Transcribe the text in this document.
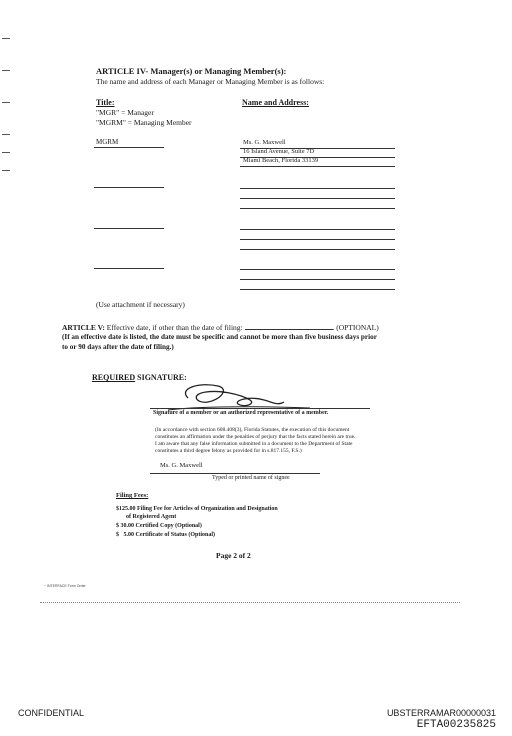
ARTICLE IV- Manager(s) or Managing Member(s):
The name and address of each Manager or Managing Member is as follows:
Title:
"MGR" = Manager
"MGRM" = Managing Member
Name and Address:
MGRM	Ms. G. Maxwell
16 Island Avenue, Suite 7D
Miami Beach, Florida 33139
(Use attachment if necessary)
ARTICLE V: Effective date, if other than the date of filing:	. (OPTIONAL)
(If an effective date is listed, the date must be specific and cannot be more than five business days prior
to or 90 days after the date of filing.)
REQUIRED SIGNATURE:
Signature of a member or an authorized representative of a member.
(In accordance with section 608.408(3), Florida Statutes, the execution of this document
constitutes an affirmation under the penalties of perjury that the facts stated herein are true.
I am aware that any false information submitted in a document to the Department of State
constitutes a third degree felony as provided for in s.817.155, F.S.)
Ms. G. Maxwell
Typed or printed name of signee
Filing Fees:
$125.00 Filing Fee for Articles of Organization and Designation
of Registered Agent
$ 30.00 Certified Copy (Optional)
$   5.00 Certificate of Status (Optional)
Page 2 of 2
~ INTERFACE Form Order
CONFIDENTIAL	UBSTERRAMAR00000031
EFTA00235825
